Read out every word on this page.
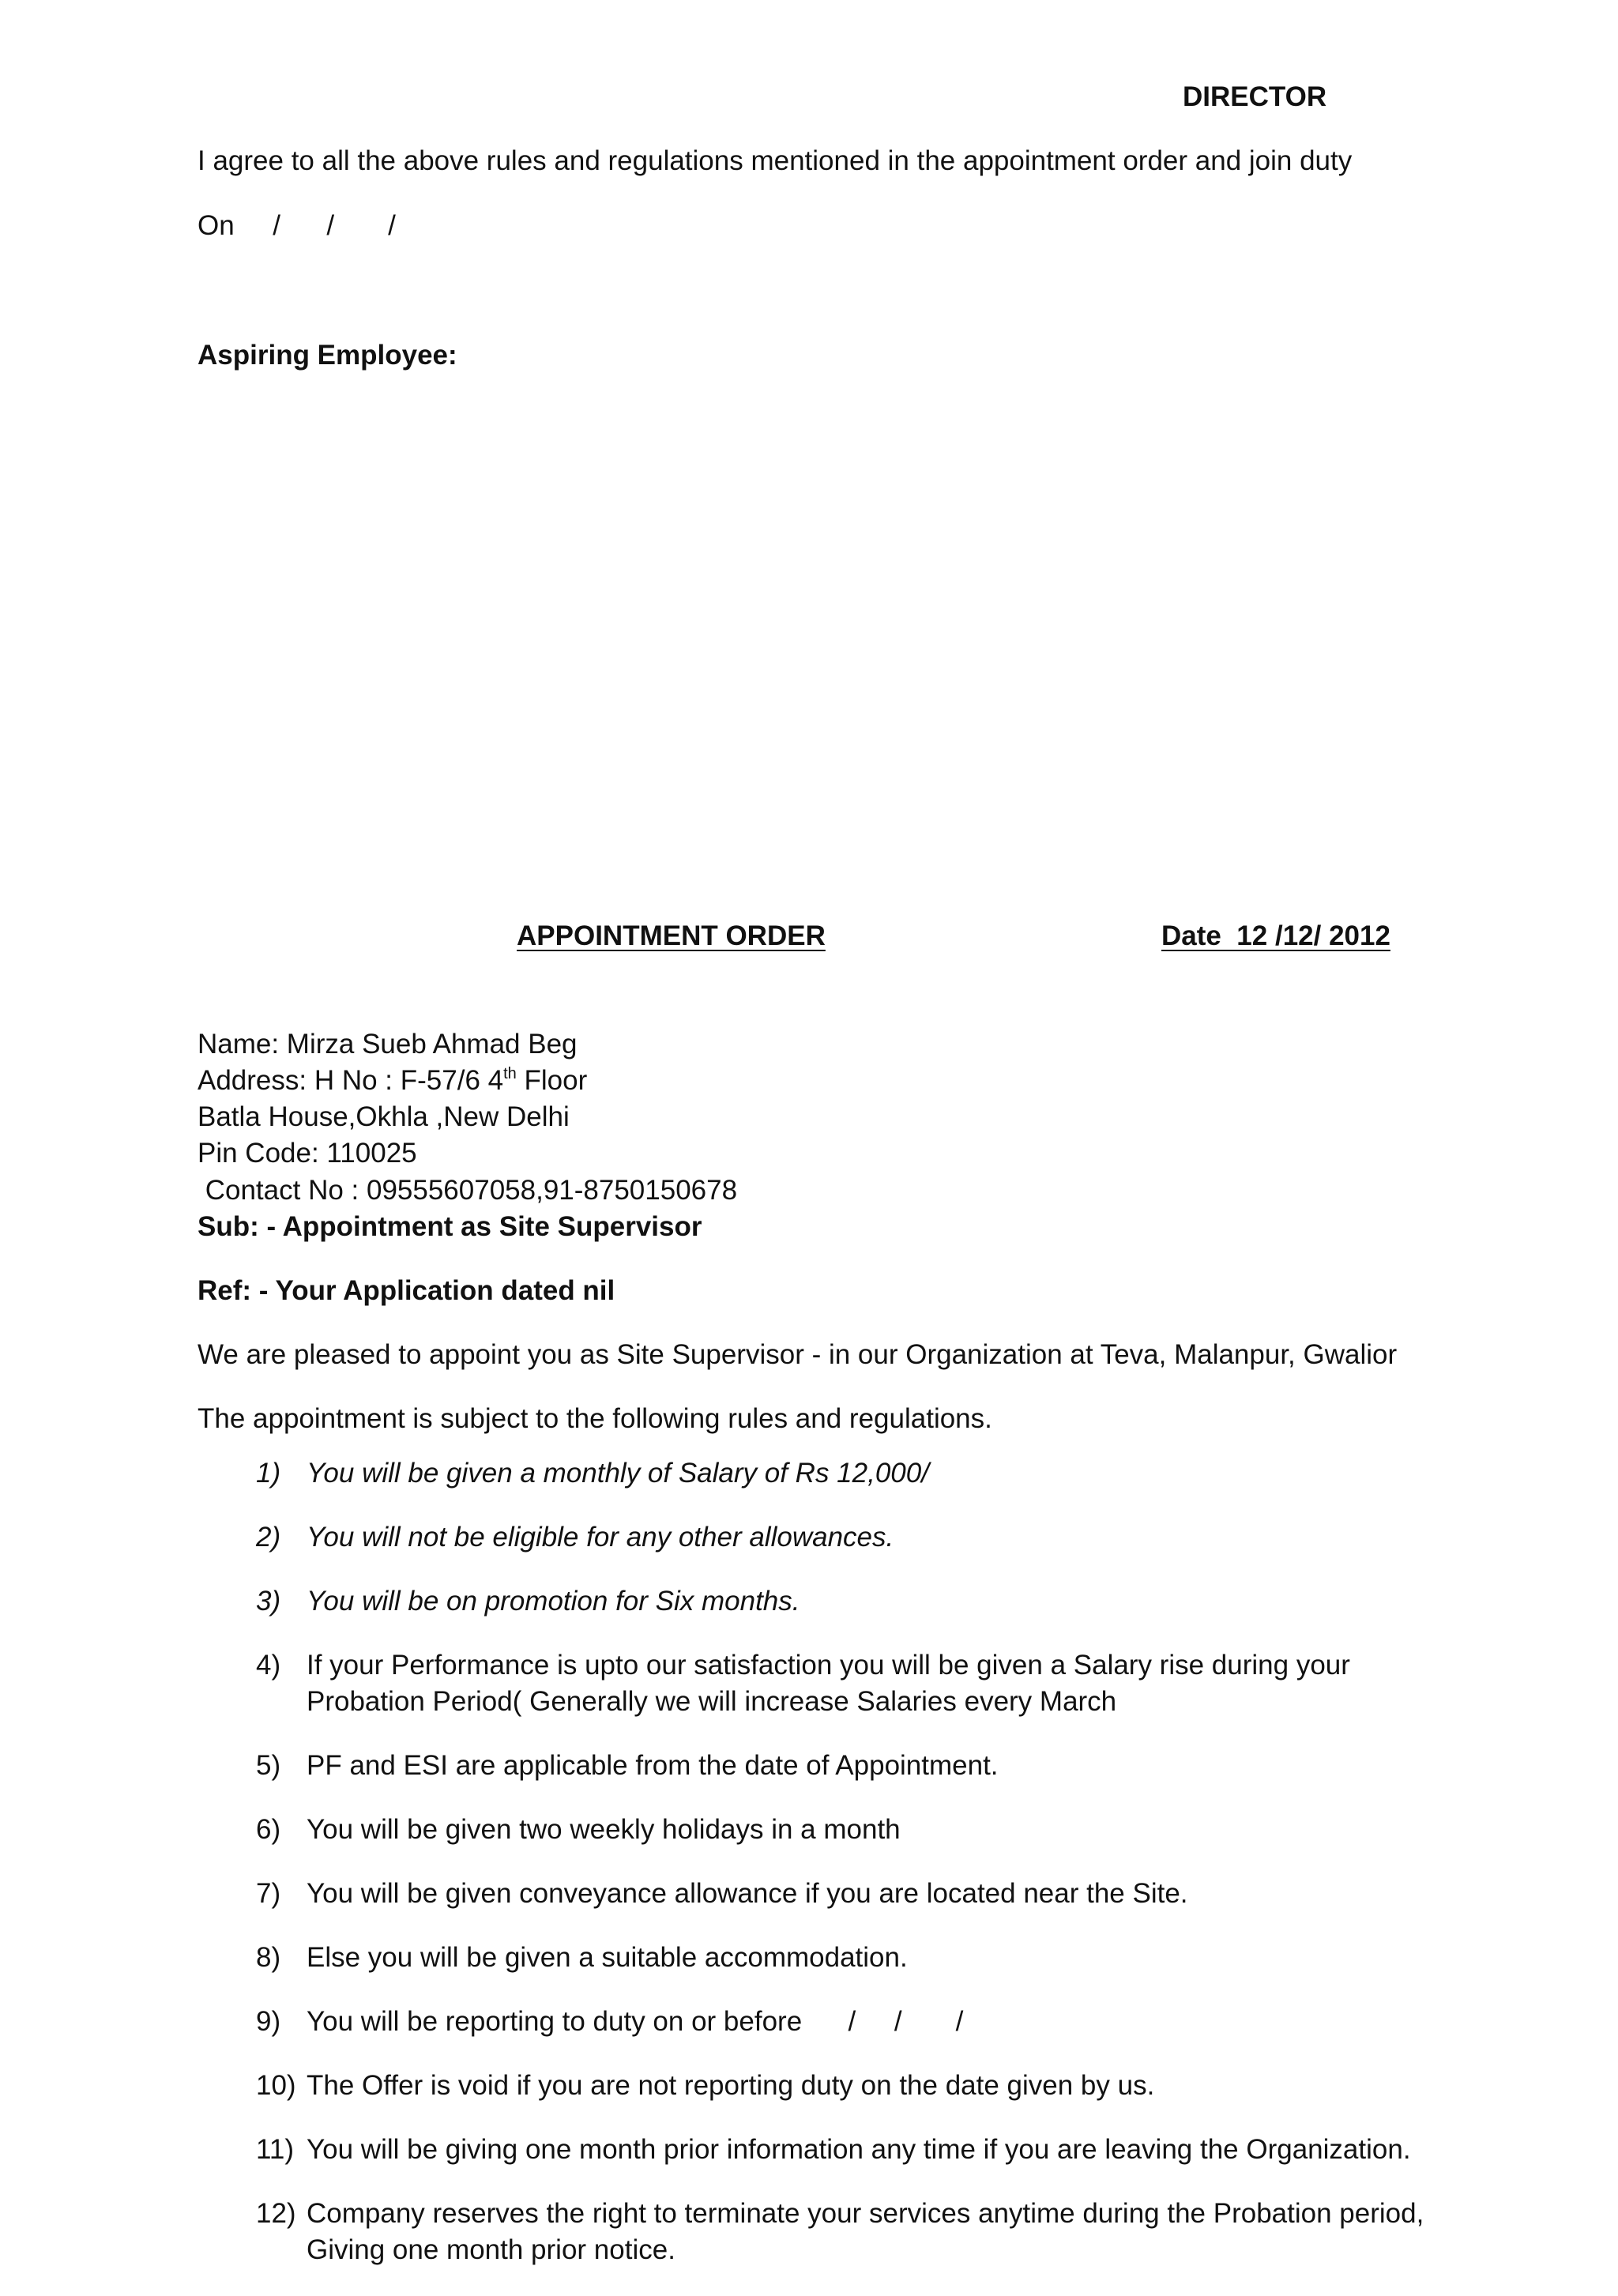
DIRECTOR
I agree to all the above rules and regulations mentioned in the appointment order and join duty
On     /      /       /
Aspiring Employee:
APPOINTMENT ORDER	Date  12 /12/ 2012
Name: Mirza Sueb Ahmad Beg
Address: H No : F-57/6 4th Floor
Batla House,Okhla ,New Delhi
Pin Code: 110025
Contact No : 09555607058,91-8750150678
Sub: - Appointment as Site Supervisor
Ref: - Your Application dated nil
We are pleased to appoint you as Site Supervisor - in our Organization at Teva, Malanpur, Gwalior
The appointment is subject to the following rules and regulations.
1) You will be given a monthly of Salary of Rs 12,000/
2) You will not be eligible for any other allowances.
3) You will be on promotion for Six months.
4) If your Performance is upto our satisfaction you will be given a Salary rise during your Probation Period( Generally we will increase Salaries every March
5) PF and ESI are applicable from the date of Appointment.
6) You will be given two weekly holidays in a month
7) You will be given conveyance allowance if you are located near the Site.
8) Else you will be given a suitable accommodation.
9) You will be reporting to duty on or before      /     /       /
10) The Offer is void if you are not reporting duty on the date given by us.
11) You will be giving one month prior information any time if you are leaving the Organization.
12) Company reserves the right to terminate your services anytime during the Probation period, Giving one month prior notice.
